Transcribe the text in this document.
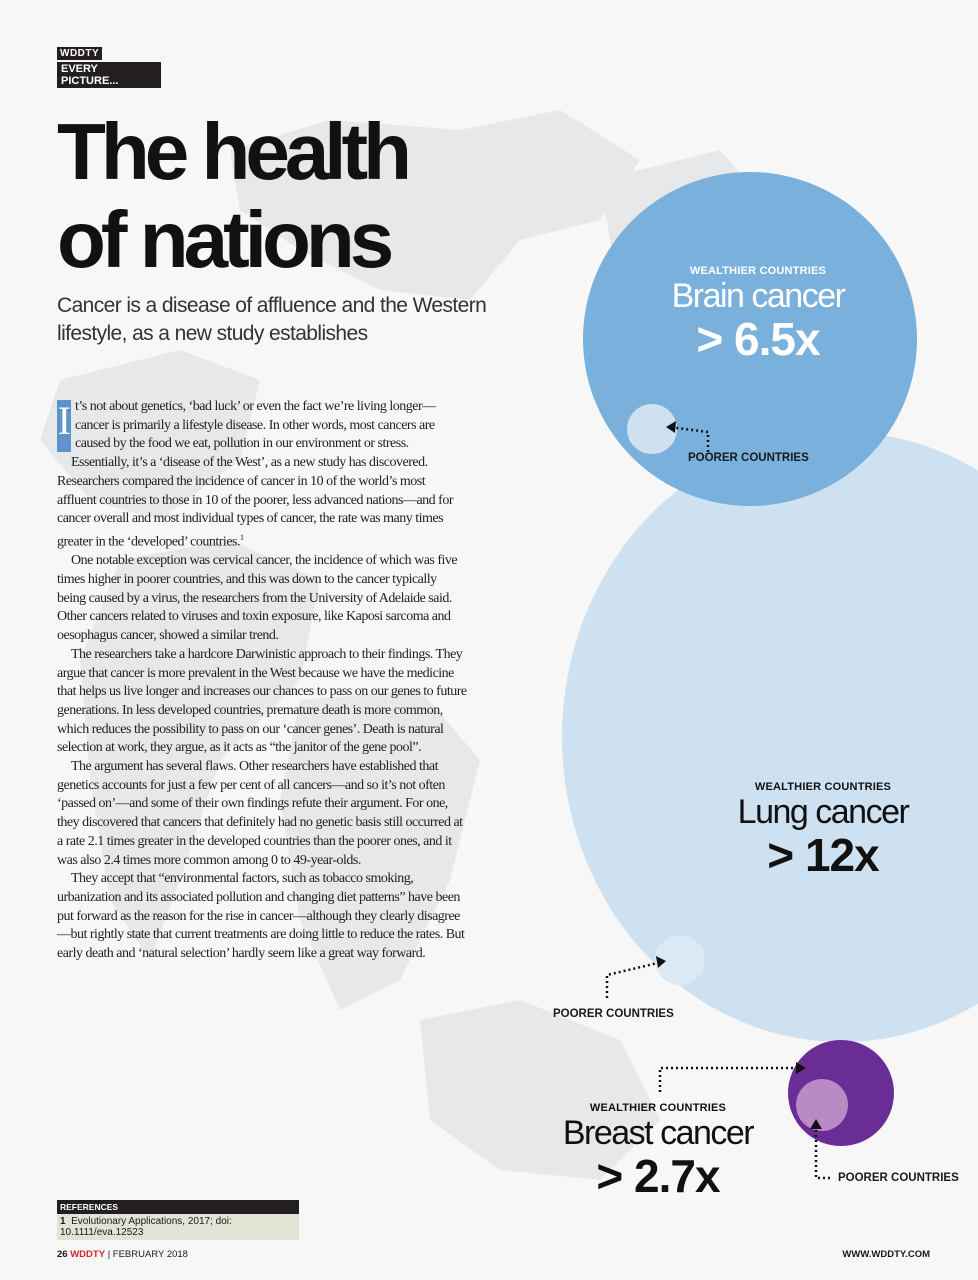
WDDTY
EVERY PICTURE...
The health
of nations
Cancer is a disease of affluence and the Western lifestyle, as a new study establishes

I t’s not about genetics, ‘bad luck’ or even the fact we’re living longer—cancer is primarily a lifestyle disease. In other words, most cancers are caused by the food we eat, pollution in our environment or stress.

Essentially, it’s a ‘disease of the West’, as a new study has discovered. Researchers compared the incidence of cancer in 10 of the world’s most affluent countries to those in 10 of the poorer, less advanced nations—and for cancer overall and most individual types of cancer, the rate was many times greater in the ‘developed’ countries.$^1$

One notable exception was cervical cancer, the incidence of which was five times higher in poorer countries, and this was down to the cancer typically being caused by a virus, the researchers from the University of Adelaide said. Other cancers related to viruses and toxin exposure, like Kaposi sarcoma and oesophagus cancer, showed a similar trend.

The researchers take a hardcore Darwinistic approach to their findings. They argue that cancer is more prevalent in the West because we have the medicine that helps us live longer and increases our chances to pass on our genes to future generations. In less developed countries, premature death is more common, which reduces the possibility to pass on our ‘cancer genes’. Death is natural selection at work, they argue, as it acts as “the janitor of the gene pool”.

The argument has several flaws. Other researchers have established that genetics accounts for just a few per cent of all cancers—and so it’s not often ‘passed on’—and some of their own findings refute their argument. For one, they discovered that cancers that definitely had no genetic basis still occurred at a rate 2.1 times greater in the developed countries than the poorer ones, and it was also 2.4 times more common among 0 to 49-year-olds.

They accept that “environmental factors, such as tobacco smoking, urbanization and its associated pollution and changing diet patterns” have been put forward as the reason for the rise in cancer—although they clearly disagree—but rightly state that current treatments are doing little to reduce the rates. But early death and ‘natural selection’ hardly seem like a great way forward.

WEALTHIER COUNTRIES
Brain cancer
> 6.5x
POORER COUNTRIES
WEALTHIER COUNTRIES
Lung cancer
> 12x
POORER COUNTRIES
WEALTHIER COUNTRIES
Breast cancer
> 2.7x	POORER COUNTRIES
REFERENCES
1 Evolutionary Applications, 2017; doi: 10.1111/eva.12523
26 WDDTY | FEBRUARY 2018	WWW.WDDTY.COM
